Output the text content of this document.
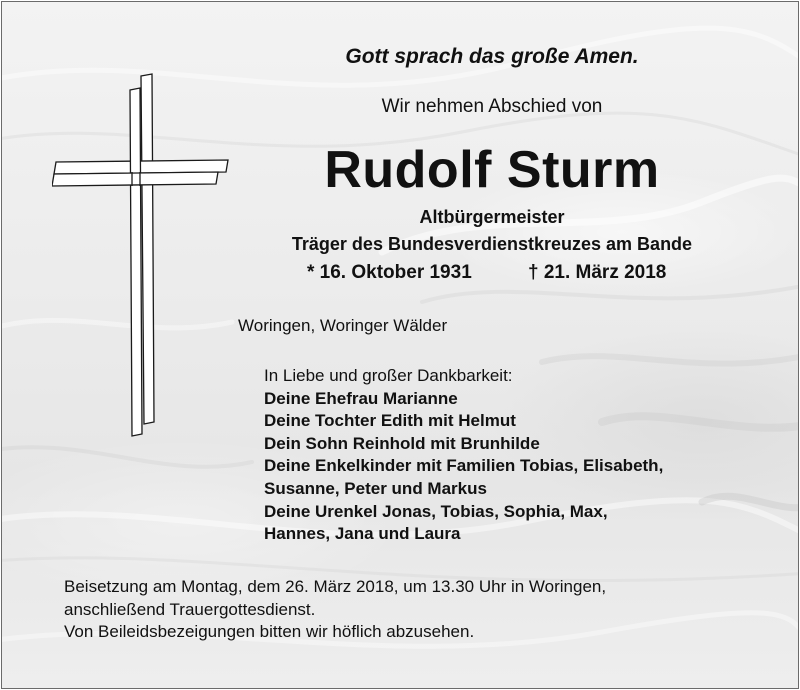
Gott sprach das große Amen.
Wir nehmen Abschied von
Rudolf Sturm
Altbürgermeister
Träger des Bundesverdienstkreuzes am Bande
* 16. Oktober 1931	† 21. März 2018
Woringen, Woringer Wälder
In Liebe und großer Dankbarkeit:
Deine Ehefrau Marianne
Deine Tochter Edith mit Helmut
Dein Sohn Reinhold mit Brunhilde
Deine Enkelkinder mit Familien Tobias, Elisabeth,
Susanne, Peter und Markus
Deine Urenkel Jonas, Tobias, Sophia, Max,
Hannes, Jana und Laura
Beisetzung am Montag, dem 26. März 2018, um 13.30 Uhr in Woringen,
anschließend Trauergottesdienst.
Von Beileidsbezeigungen bitten wir höflich abzusehen.
